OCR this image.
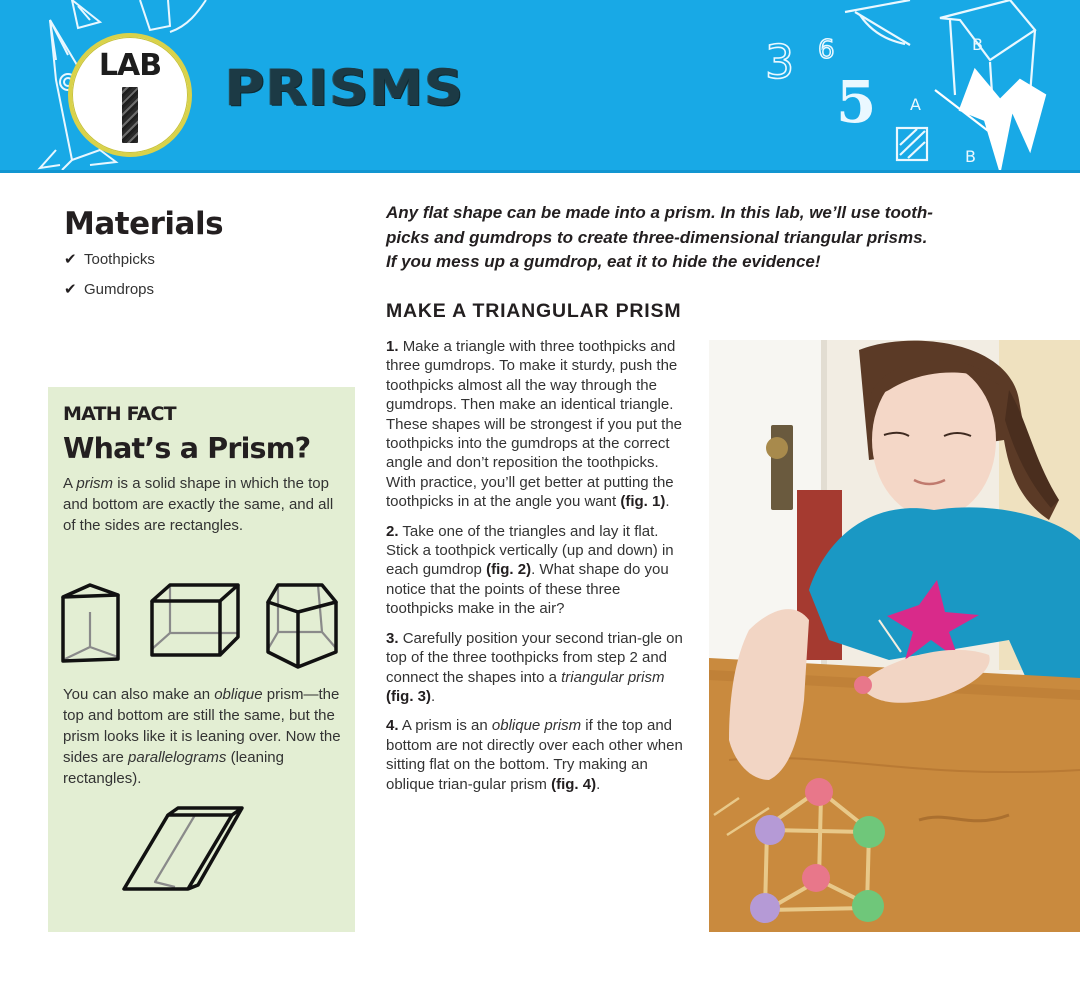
LAB	PRISMS	3 6
5 A
B
B
Materials
✔ Toothpicks
✔ Gumdrops
Any flat shape can be made into a prism. In this lab, we’ll use tooth-
picks and gumdrops to create three-dimensional triangular prisms.
If you mess up a gumdrop, eat it to hide the evidence!
MAKE A TRIANGULAR PRISM

1. Make a triangle with three toothpicks and three gumdrops. To make it sturdy, push the toothpicks almost all the way through the gumdrops. Then make an identical triangle. These shapes will be strongest if you put the toothpicks into the gumdrops at the correct angle and don’t reposition the toothpicks. With practice, you’ll get better at putting the toothpicks in at the angle you want (fig. 1).

2. Take one of the triangles and lay it flat. Stick a toothpick vertically (up and down) in each gumdrop (fig. 2). What shape do you notice that the points of these three toothpicks make in the air?

3. Carefully position your second trian-gle on top of the three toothpicks from step 2 and connect the shapes into a triangular prism (fig. 3).

4. A prism is an oblique prism if the top and bottom are not directly over each other when sitting flat on the bottom. Try making an oblique trian-gular prism (fig. 4).

MATH FACT
What’s a Prism?

A prism is a solid shape in which the top and bottom are exactly the same, and all of the sides are rectangles.

You can also make an oblique prism—the top and bottom are still the same, but the prism looks like it is leaning over. Now the sides are parallelograms (leaning rectangles).
